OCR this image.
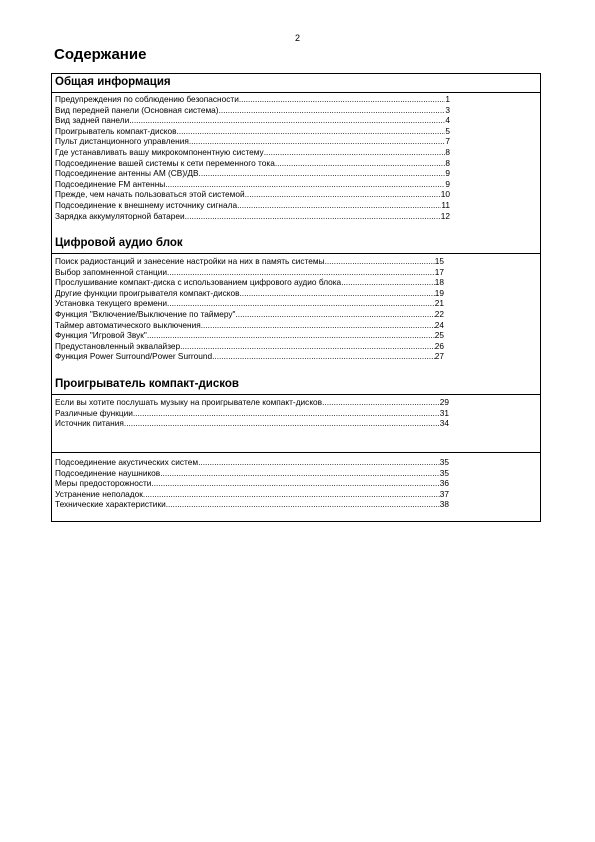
2
Содержание
Общая информация
Предупреждения по соблюдению безопасности .....	1
Вид передней панели (Основная система) .....	3
Вид задней панели .....	4
Проигрыватель компакт-дисков .....	5
Пульт дистанционного управления .....	7
Где устанавливать вашу микрокомпонентную систему .....	8
Подсоединение вашей системы к сети переменного тока .....	8
Подсоединение антенны АМ (СВ)/ДВ .....	9
Подсоединение FM антенны .....	9
Прежде, чем начать пользоваться этой системой .....	10
Подсоединение к внешнему источнику сигнала .....	11
Зарядка аккумуляторной батареи .....	12
Цифровой аудио блок
Поиск радиостанций и занесение настройки на них в память системы .....	15
Выбор запомненной станции .....	17
Прослушивание компакт-диска с использованием цифрового аудио блока .....	18
Другие функции проигрывателя компакт-дисков .....	19
Установка текущего времени .....	21
Функция "Включение/Выключение по таймеру" .....	22
Таймер автоматического выключения .....	24
Функция "Игровой Звук" .....	25
Предустановленный эквалайзер .....	26
Функция Power Surround/Power Surround .....	27
Проигрыватель компакт-дисков
Если вы хотите послушать музыку на проигрывателе компакт-дисков .....	29
Различные функции .....	31
Источник питания .....	34
Подсоединение акустических систем .....	35
Подсоединение наушников .....	35
Меры предосторожности .....	36
Устранение неполадок .....	37
Технические характеристики .....	38
